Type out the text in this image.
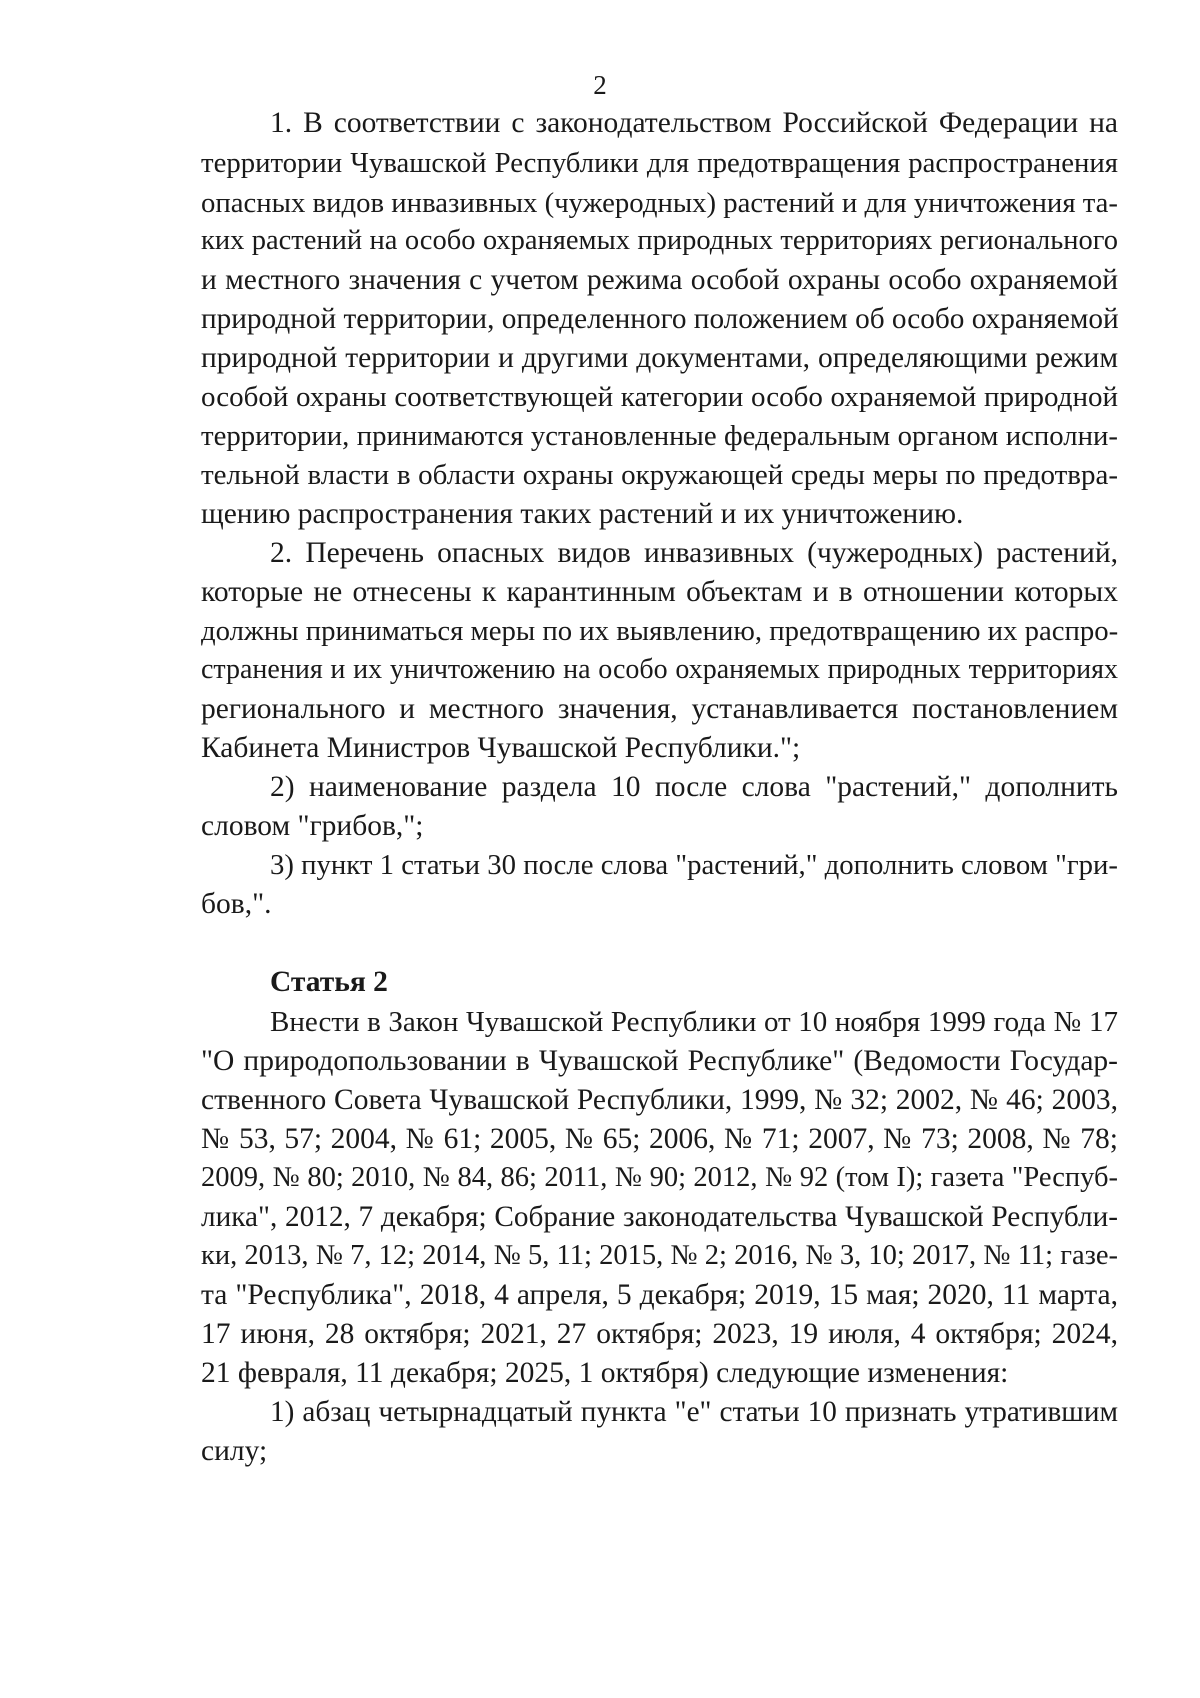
2
1. В соответствии с законодательством Российской Федерации на
территории Чувашской Республики для предотвращения распространения
опасных видов инвазивных (чужеродных) растений и для уничтожения та-
ких растений на особо охраняемых природных территориях регионального
и местного значения с учетом режима особой охраны особо охраняемой
природной территории, определенного положением об особо охраняемой
природной территории и другими документами, определяющими режим
особой охраны соответствующей категории особо охраняемой природной
территории, принимаются установленные федеральным органом исполни-
тельной власти в области охраны окружающей среды меры по предотвра-
щению распространения таких растений и их уничтожению.
2. Перечень опасных видов инвазивных (чужеродных) растений,
которые не отнесены к карантинным объектам и в отношении которых
должны приниматься меры по их выявлению, предотвращению их распро-
странения и их уничтожению на особо охраняемых природных территориях
регионального и местного значения, устанавливается постановлением
Кабинета Министров Чувашской Республики.";
2) наименование раздела 10 после слова "растений," дополнить
словом "грибов,";
3) пункт 1 статьи 30 после слова "растений," дополнить словом "гри-
бов,".
Статья 2
Внести в Закон Чувашской Республики от 10 ноября 1999 года № 17
"О природопользовании в Чувашской Республике" (Ведомости Государ-
ственного Совета Чувашской Республики, 1999, № 32; 2002, № 46; 2003,
№ 53, 57; 2004, № 61; 2005, № 65; 2006, № 71; 2007, № 73; 2008, № 78;
2009, № 80; 2010, № 84, 86; 2011, № 90; 2012, № 92 (том I); газета "Респуб-
лика", 2012, 7 декабря; Собрание законодательства Чувашской Республи-
ки, 2013, № 7, 12; 2014, № 5, 11; 2015, № 2; 2016, № 3, 10; 2017, № 11; газе-
та "Республика", 2018, 4 апреля, 5 декабря; 2019, 15 мая; 2020, 11 марта,
17 июня, 28 октября; 2021, 27 октября; 2023, 19 июля, 4 октября; 2024,
21 февраля, 11 декабря; 2025, 1 октября) следующие изменения:
1) абзац четырнадцатый пункта "е" статьи 10 признать утратившим
силу;
